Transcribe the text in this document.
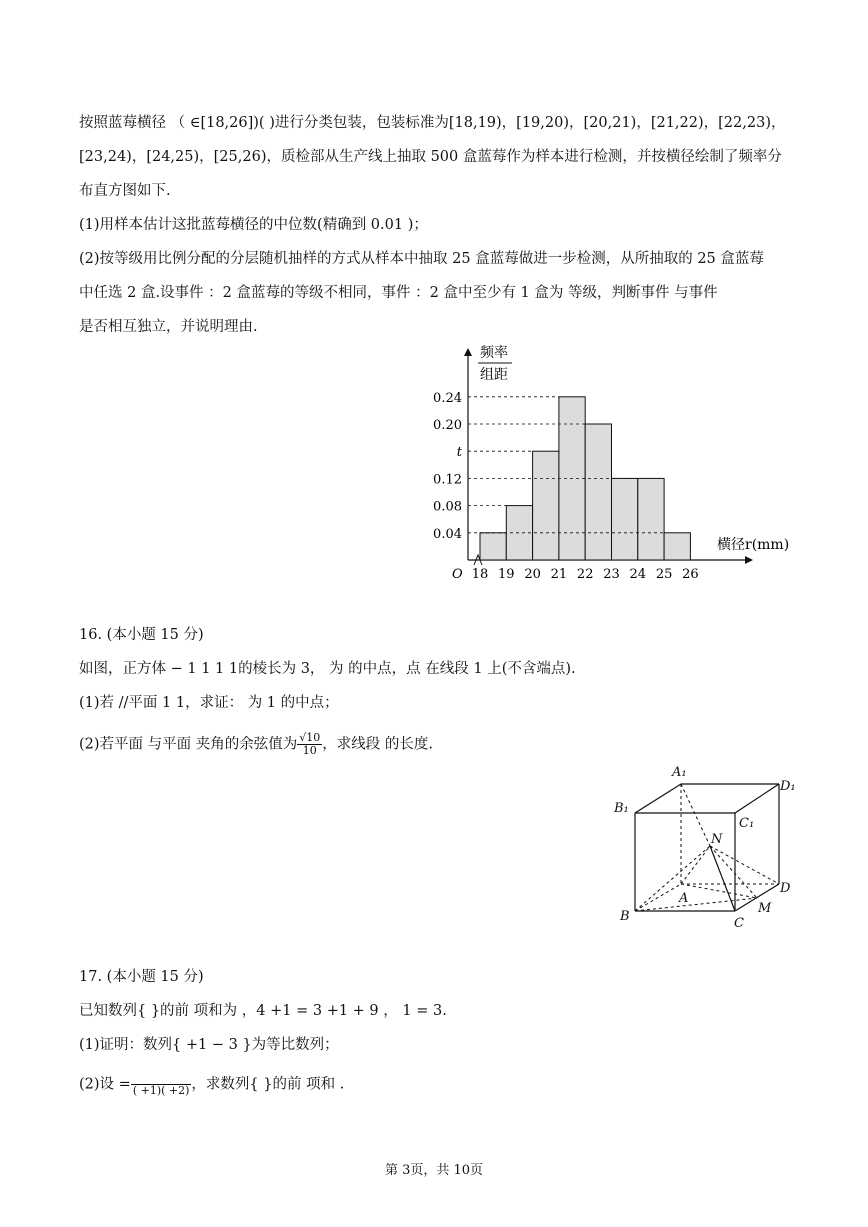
按照蓝莓横径 （ ∈[18,26])( )进行分类包装，包装标准为[18,19)，[19,20)，[20,21)，[21,22)，[22,23)，
[23,24)，[24,25)，[25,26)，质检部从生产线上抽取 500 盒蓝莓作为样本进行检测，并按横径绘制了频率分
布直方图如下.
(1)用样本估计这批蓝莓横径的中位数(精确到 0.01 )；
(2)按等级用比例分配的分层随机抽样的方式从样本中抽取 25 盒蓝莓做进一步检测，从所抽取的 25 盒蓝莓
中任选 2 盒.设事件 ：2 盒蓝莓的等级不相同，事件 ：2 盒中至少有 1 盒为 等级，判断事件 与事件
是否相互独立，并说明理由.
0.04
0.08
0.12
t
0.20
0.24
18 19 20 21 22 23 24 25 26
频率
组距
横径r(mm)
O
16. (本小题 15 分)
如图，正方体 − 1 1 1 1的棱长为 3， 为 的中点，点 在线段 1 上(不含端点).
(1)若 //平面 1 1，求证： 为 1 的中点；
(2)若平面 与平面 夹角的余弦值为 $\frac{√10}{10}$ ，求线段 的长度.
A₁
D₁
B₁
C₁
N
A
D
B	C
M
17. (本小题 15 分)
已知数列{ }的前 项和为 ，4 +1 = 3 +1 + 9 ， 1 = 3.
(1)证明：数列{ +1 − 3 }为等比数列；
(2)设 =
( +1)( +2) ，求数列{ }的前 项和 .
第 3页，共 10页
